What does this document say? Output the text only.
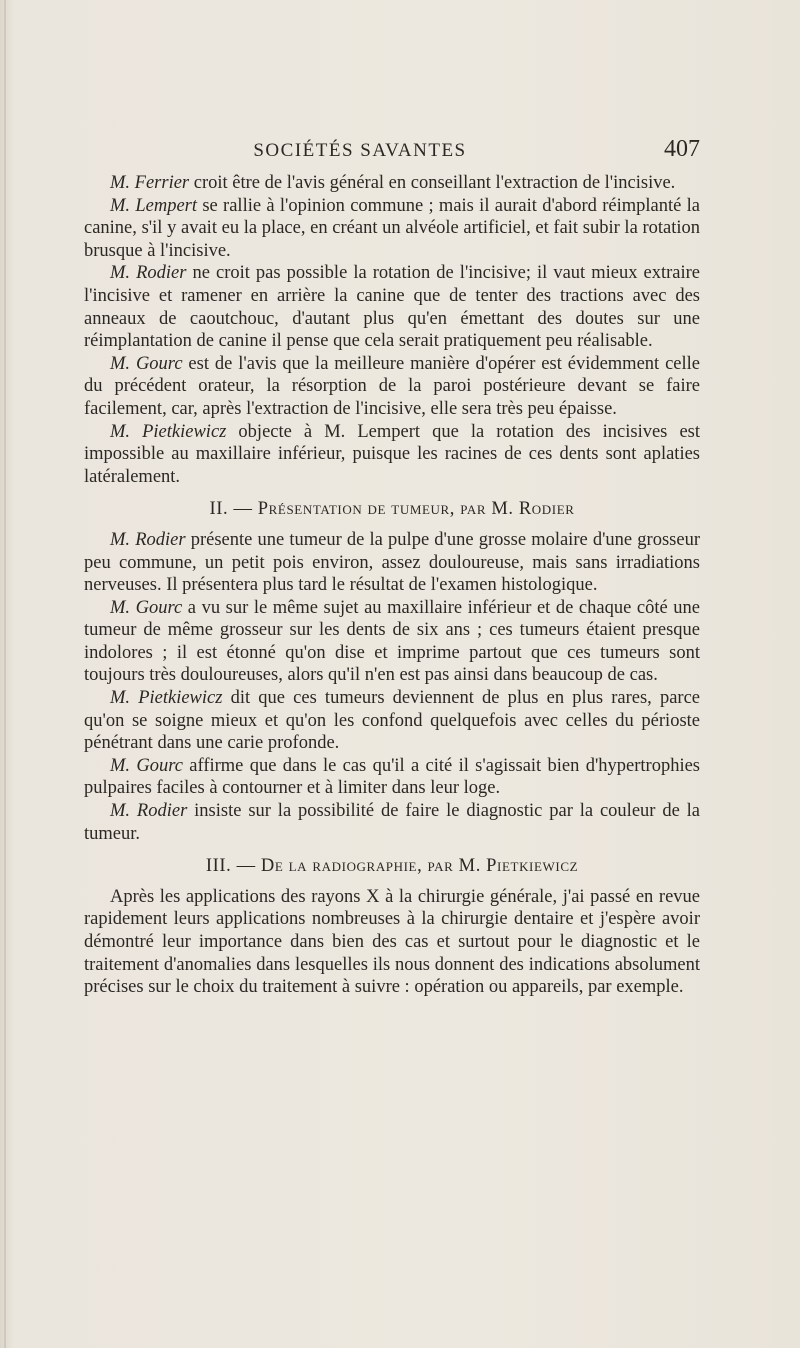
SOCIÉTÉS SAVANTES	407

M. Ferrier croit être de l'avis général en conseillant l'extraction de l'incisive.

M. Lempert se rallie à l'opinion commune ; mais il aurait d'abord réimplanté la canine, s'il y avait eu la place, en créant un alvéole artificiel, et fait subir la rotation brusque à l'incisive.

M. Rodier ne croit pas possible la rotation de l'incisive; il vaut mieux extraire l'incisive et ramener en arrière la canine que de tenter des tractions avec des anneaux de caoutchouc, d'autant plus qu'en émettant des doutes sur une réimplantation de canine il pense que cela serait pratiquement peu réalisable.

M. Gourc est de l'avis que la meilleure manière d'opérer est évidemment celle du précédent orateur, la résorption de la paroi postérieure devant se faire facilement, car, après l'extraction de l'incisive, elle sera très peu épaisse.

M. Pietkiewicz objecte à M. Lempert que la rotation des incisives est impossible au maxillaire inférieur, puisque les racines de ces dents sont aplaties latéralement.

II. — Présentation de tumeur, par M. Rodier

M. Rodier présente une tumeur de la pulpe d'une grosse molaire d'une grosseur peu commune, un petit pois environ, assez douloureuse, mais sans irradiations nerveuses. Il présentera plus tard le résultat de l'examen histologique.

M. Gourc a vu sur le même sujet au maxillaire inférieur et de chaque côté une tumeur de même grosseur sur les dents de six ans ; ces tumeurs étaient presque indolores ; il est étonné qu'on dise et imprime partout que ces tumeurs sont toujours très douloureuses, alors qu'il n'en est pas ainsi dans beaucoup de cas.

M. Pietkiewicz dit que ces tumeurs deviennent de plus en plus rares, parce qu'on se soigne mieux et qu'on les confond quelquefois avec celles du périoste pénétrant dans une carie profonde.

M. Gourc affirme que dans le cas qu'il a cité il s'agissait bien d'hypertrophies pulpaires faciles à contourner et à limiter dans leur loge.

M. Rodier insiste sur la possibilité de faire le diagnostic par la couleur de la tumeur.

III. — De la radiographie, par M. Pietkiewicz

Après les applications des rayons X à la chirurgie générale, j'ai passé en revue rapidement leurs applications nombreuses à la chirurgie dentaire et j'espère avoir démontré leur importance dans bien des cas et surtout pour le diagnostic et le traitement d'anomalies dans lesquelles ils nous donnent des indications absolument précises sur le choix du traitement à suivre : opération ou appareils, par exemple.
